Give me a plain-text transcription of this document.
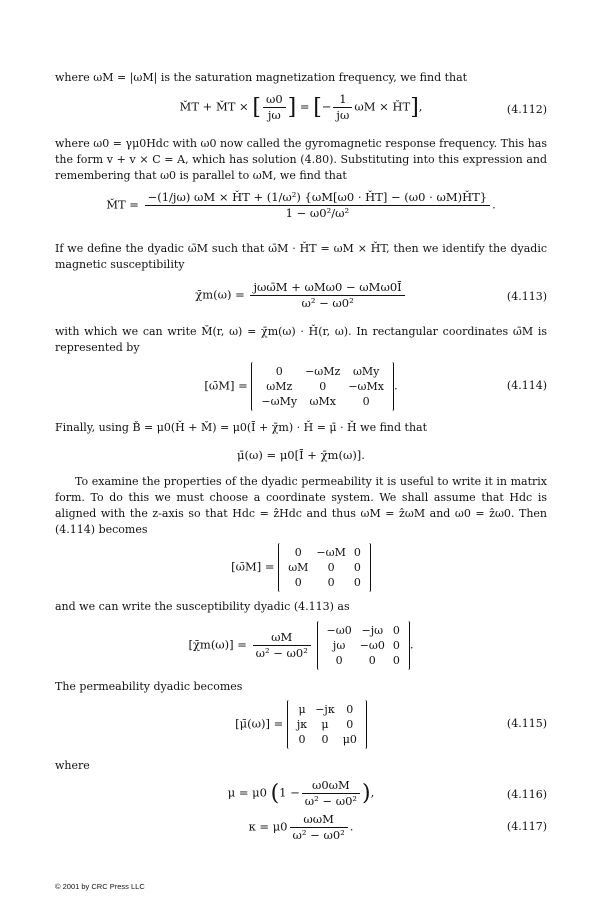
where ωM = |ωM| is the saturation magnetization frequency, we find that

M̌T + M̌T × [ $\frac{\omega 0}{j\omega}$ ] = [− $\frac{1}{j\omega}$ ωM × ȞT],	(4.112)

where ω0 = γμ0Hdc with ω0 now called the gyromagnetic response frequency. This has the form v + v × C = A, which has solution (4.80). Substituting into this expression and remembering that ω0 is parallel to ωM, we find that

M̌T = $\frac{\text{−(1/jω) ωM × ȞT + (1/ω²) \{ωM[ω0 · ȞT] − (ω0 · ωM)ȞT\}}}{\text{1 − ω0²/ω²}}$ .

If we define the dyadic ω̄M such that ω̄M · ȞT = ωM × ȞT, then we identify the dyadic magnetic susceptibility

χ̄m(ω) = $\frac{\text{jωω̄M + ωMω0 − ωMω0Ī}}{\text{ω² − ω0²}}$	(4.113)

with which we can write M̌(r, ω) = χ̄m(ω) · Ȟ(r, ω). In rectangular coordinates ω̄M is represented by

[ω̄M] =
0	−ωMz	ωMy
ωMz	0	−ωMx
−ωMy	ωMx	0
.	(4.114)

Finally, using B̌ = μ0(Ȟ + M̌) = μ0(Ī + χ̄m) · Ȟ = μ̄ · Ȟ we find that

μ̄(ω) = μ0[Ī + χ̄m(ω)].

To examine the properties of the dyadic permeability it is useful to write it in matrix form. To do this we must choose a coordinate system. We shall assume that Hdc is aligned with the z-axis so that Hdc = ẑHdc and thus ωM = ẑωM and ω0 = ẑω0. Then (4.114) becomes

[ω̄M] =
0	−ωM	0
ωM	0	0
0	0	0

and we can write the susceptibility dyadic (4.113) as

[χ̄m(ω)] = $\frac{\omega M}{\text{ω² − ω0²}}$
−ω0	−jω	0
jω	−ω0	0
0	0	0
.

The permeability dyadic becomes

[μ̄(ω)] =
μ	−jκ	0
jκ	μ	0
0	0	μ0
(4.115)

where

μ = μ0 ($1 - \frac{\omega 0\omega M}{\text{ω² − ω0²}}$ ),	(4.116)
$\kappa = \mu 0 \frac{\text{ωωM}}{\text{ω² − ω0²}}$ .	(4.117)
© 2001 by CRC Press LLC
